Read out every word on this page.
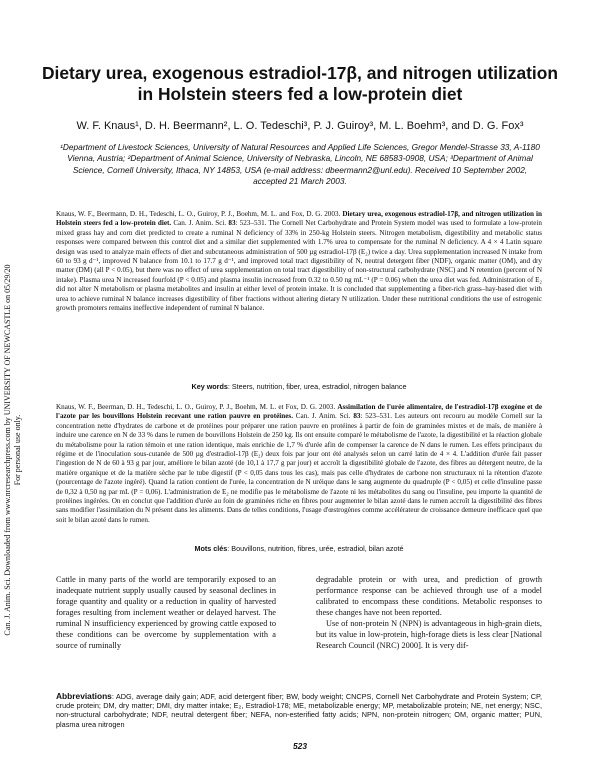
Can. J. Anim. Sci. Downloaded from www.nrcresearchpress.com by UNIVERSITY OF NEWCASTLE on 05/29/20 For personal use only.
Dietary urea, exogenous estradiol-17β, and nitrogen utilization in Holstein steers fed a low-protein diet
W. F. Knaus¹, D. H. Beermann², L. O. Tedeschi³, P. J. Guiroy³, M. L. Boehm³, and D. G. Fox³
¹Department of Livestock Sciences, University of Natural Resources and Applied Life Sciences, Gregor Mendel-Strasse 33, A-1180 Vienna, Austria; ²Department of Animal Science, University of Nebraska, Lincoln, NE 68583-0908, USA; ³Department of Animal Science, Cornell University, Ithaca, NY 14853, USA (e-mail address: dbeermann2@unl.edu). Received 10 September 2002, accepted 21 March 2003.
Knaus, W. F., Beermann, D. H., Tedeschi, L. O., Guiroy, P. J., Boehm, M. L. and Fox, D. G. 2003. Dietary urea, exogenous estradiol-17β, and nitrogen utilization in Holstein steers fed a low-protein diet. Can. J. Anim. Sci. 83: 523–531. The Cornell Net Carbohydrate and Protein System model was used to formulate a low-protein mixed grass hay and corn diet predicted to create a ruminal N deficiency of 33% in 250-kg Holstein steers. Nitrogen metabolism, digestibility and metabolic status responses were compared between this control diet and a similar diet supplemented with 1.7% urea to compensate for the ruminal N deficiency. A 4 × 4 Latin square design was used to analyze main effects of diet and subcutaneous administration of 500 µg estradiol-17β (E₂) twice a day. Urea supplementation increased N intake from 60 to 93 g d⁻¹, improved N balance from 10.1 to 17.7 g d⁻¹, and improved total tract digestibility of N, neutral detergent fiber (NDF), organic matter (OM), and dry matter (DM) (all P < 0.05), but there was no effect of urea supplementation on total tract digestibility of non-structural carbohydrate (NSC) and N retention (percent of N intake). Plasma urea N increased fourfold (P < 0.05) and plasma insulin increased from 0.32 to 0.50 ng mL⁻¹ (P = 0.06) when the urea diet was fed. Administration of E₂ did not alter N metabolism or plasma metabolites and insulin at either level of protein intake. It is concluded that supplementing a fiber-rich grass–hay-based diet with urea to achieve ruminal N balance increases digestibility of fiber fractions without altering dietary N utilization. Under these nutritional conditions the use of estrogenic growth promoters remains ineffective independent of ruminal N balance.
Key words: Steers, nutrition, fiber, urea, estradiol, nitrogen balance
Knaus, W. F., Beerman, D. H., Tedeschi, L. O., Guiroy, P. J., Boehm, M. L. et Fox, D. G. 2003. Assimilation de l'urée alimentaire, de l'estradiol-17β exogène et de l'azote par les bouvillons Holstein recevant une ration pauvre en protéines. Can. J. Anim. Sci. 83: 523–531. Les auteurs ont recouru au modèle Cornell sur la concentration nette d'hydrates de carbone et de protéines pour préparer une ration pauvre en protéines à partir de foin de graminées mixtes et de maïs, de manière à induire une carence en N de 33 % dans le rumen de bouvillons Holstein de 250 kg. Ils ont ensuite comparé le métabolisme de l'azote, la digestibilité et la réaction globale du métabolisme pour la ration témoin et une ration identique, mais enrichie de 1,7 % d'urée afin de compenser la carence de N dans le rumen. Les effets principaux du régime et de l'inoculation sous-cutanée de 500 µg d'estradiol-17β (E₂) deux fois par jour ont été analysés selon un carré latin de 4 × 4. L'addition d'urée fait passer l'ingestion de N de 60 à 93 g par jour, améliore le bilan azoté (de 10,1 à 17,7 g par jour) et accroît la digestibilité globale de l'azote, des fibres au détergent neutre, de la matière organique et de la matière sèche par le tube digestif (P < 0,05 dans tous les cas), mais pas celle d'hydrates de carbone non structuraux ni la rétention d'azote (pourcentage de l'azote ingéré). Quand la ration contient de l'urée, la concentration de N uréique dans le sang augmente du quadruple (P < 0,05) et celle d'insuline passe de 0,32 à 0,50 ng par mL (P = 0,06). L'administration de E₂ ne modifie pas le métabolisme de l'azote ni les métabolites du sang ou l'insuline, peu importe la quantité de protéines ingérées. On en conclut que l'addition d'urée au foin de graminées riche en fibres pour augmenter le bilan azoté dans le rumen accroît la digestibilité des fibres sans modifier l'assimilation du N présent dans les aliments. Dans de telles conditions, l'usage d'œstrogènes comme accélérateur de croissance demeure inefficace quel que soit le bilan azoté dans le rumen.
Mots clés: Bouvillons, nutrition, fibres, urée, estradiol, bilan azoté

Cattle in many parts of the world are temporarily exposed to an inadequate nutrient supply usually caused by seasonal declines in forage quantity and quality or a reduction in quality of harvested forages resulting from inclement weather or delayed harvest. The ruminal N insufficiency experienced by growing cattle exposed to these conditions can be overcome by supplementation with a source of ruminally

degradable protein or with urea, and prediction of growth performance response can be achieved through use of a model calibrated to encompass these conditions. Metabolic responses to these changes have not been reported.

Use of non-protein N (NPN) is advantageous in high-grain diets, but its value in low-protein, high-forage diets is less clear [National Research Council (NRC) 2000]. It is very dif-

Abbreviations: ADG, average daily gain; ADF, acid detergent fiber; BW, body weight; CNCPS, Cornell Net Carbohydrate and Protein System; CP, crude protein; DM, dry matter; DMI, dry matter intake; E₂, Estradiol-178; ME, metabolizable energy; MP, metabolizable protein; NE, net energy; NSC, non-structural carbohydrate; NDF, neutral detergent fiber; NEFA, non-esterified fatty acids; NPN, non-protein nitrogen; OM, organic matter; PUN, plasma urea nitrogen
523
